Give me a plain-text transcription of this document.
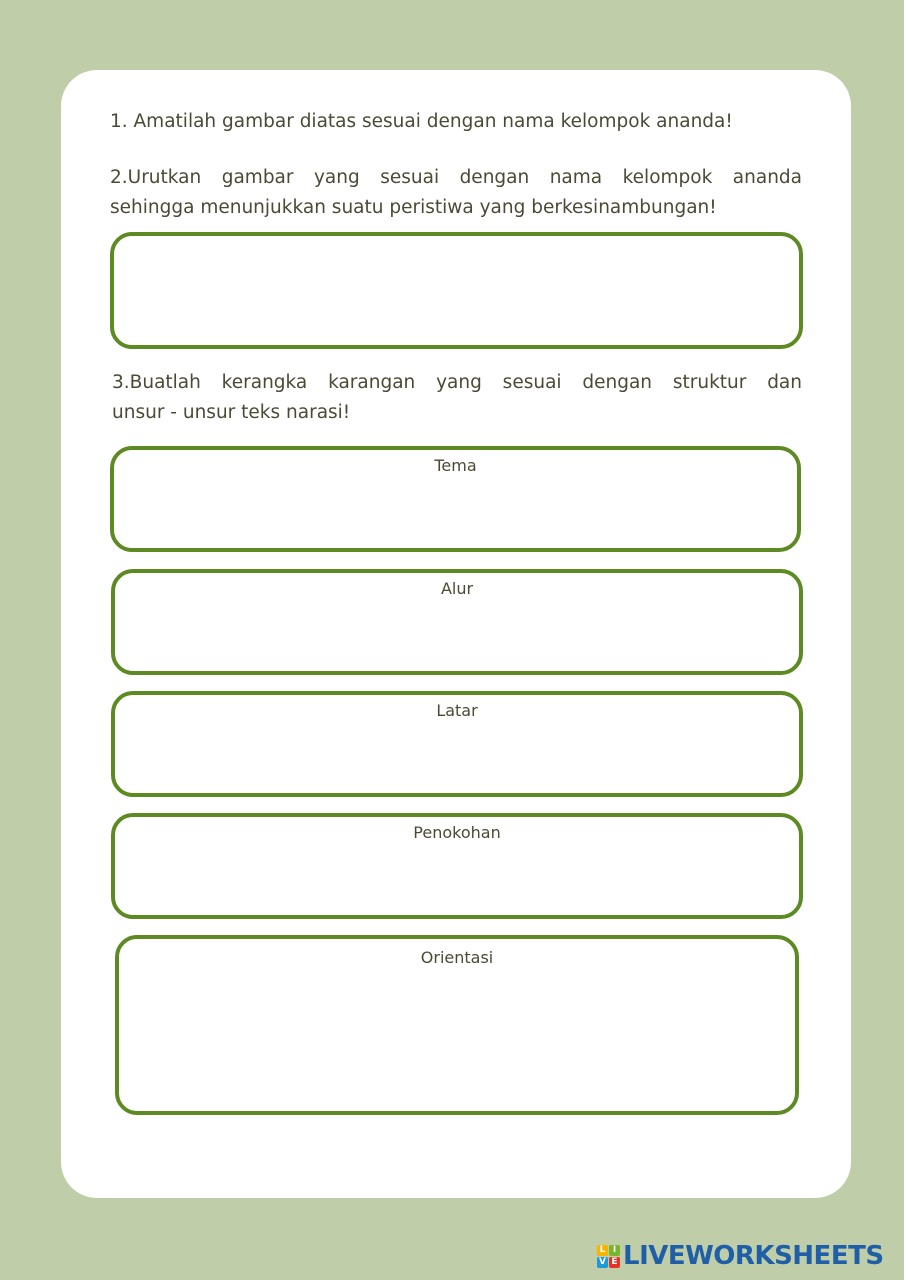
1. Amatilah gambar diatas sesuai dengan nama kelompok ananda!

2.Urutkan gambar yang sesuai dengan nama kelompok ananda
sehingga menunjukkan suatu peristiwa yang berkesinambungan!

3.Buatlah kerangka karangan yang sesuai dengan struktur dan
unsur - unsur teks narasi!

Tema
Alur
Latar
Penokohan
Orientasi
L I
V E LIVEWORKSHEETS
